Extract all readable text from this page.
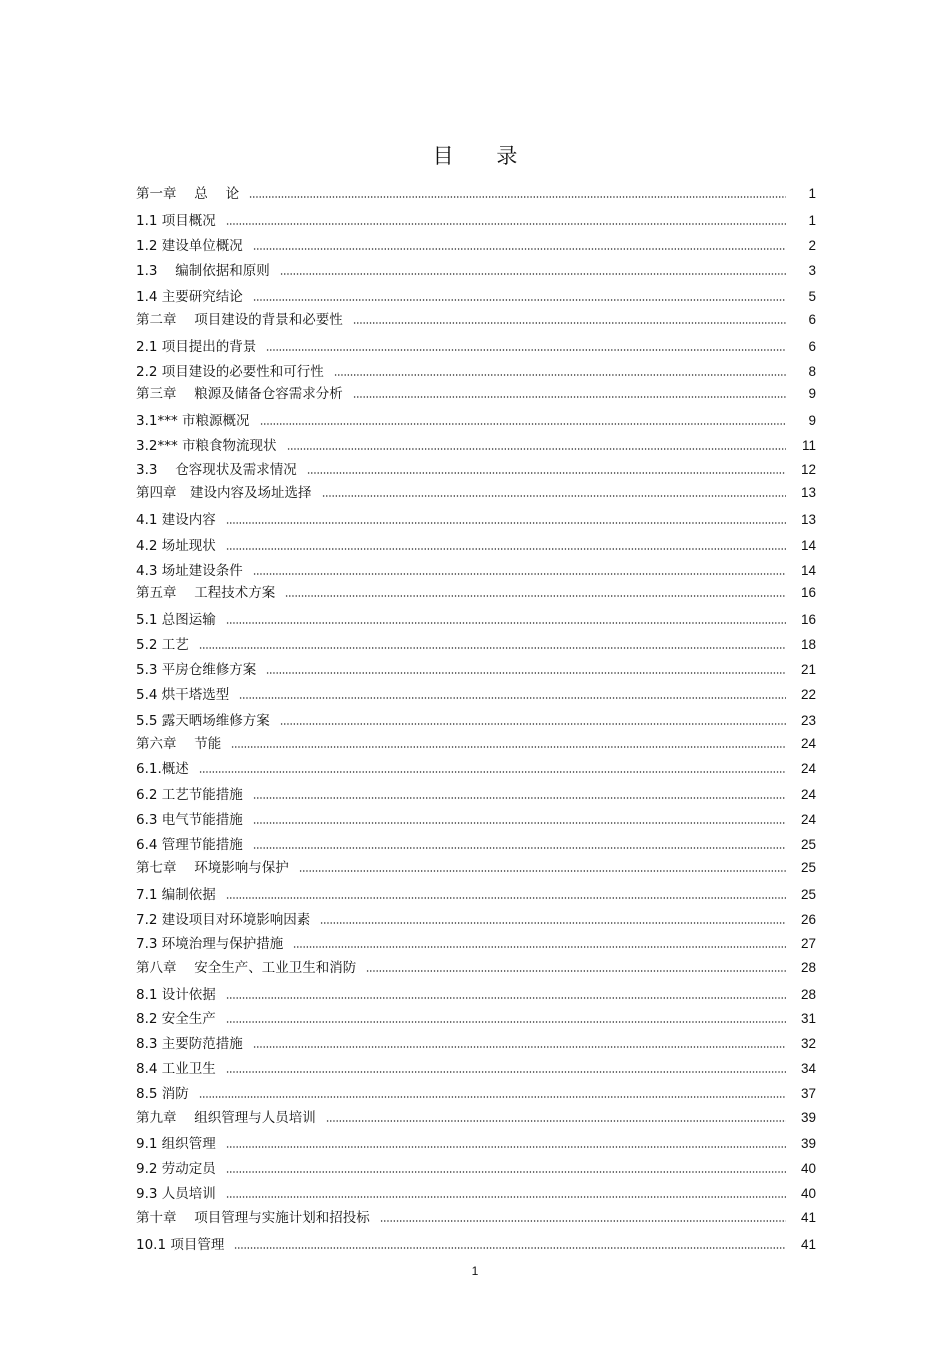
目 录
第一章　 总　 论	1
1.1 项目概况	1
1.2 建设单位概况	2
1.3　 编制依据和原则	3
1.4 主要研究结论	5
第二章　 项目建设的背景和必要性	6
2.1 项目提出的背景	6
2.2 项目建设的必要性和可行性	8
第三章　 粮源及储备仓容需求分析	9
3.1*** 市粮源概况	9
3.2*** 市粮食物流现状	11
3.3　 仓容现状及需求情况	12
第四章　建设内容及场址选择	13
4.1 建设内容	13
4.2 场址现状	14
4.3 场址建设条件	14
第五章　 工程技术方案	16
5.1 总图运输	16
5.2 工艺	18
5.3 平房仓维修方案	21
5.4 烘干塔选型	22
5.5 露天晒场维修方案	23
第六章　 节能	24
6.1.概述	24
6.2 工艺节能措施	24
6.3 电气节能措施	24
6.4 管理节能措施	25
第七章　 环境影响与保护	25
7.1 编制依据	25
7.2 建设项目对环境影响因素	26
7.3 环境治理与保护措施	27
第八章　 安全生产、工业卫生和消防	28
8.1 设计依据	28
8.2 安全生产	31
8.3 主要防范措施	32
8.4 工业卫生	34
8.5 消防	37
第九章　 组织管理与人员培训	39
9.1 组织管理	39
9.2 劳动定员	40
9.3 人员培训	40
第十章　 项目管理与实施计划和招投标	41
10.1 项目管理	41
1
